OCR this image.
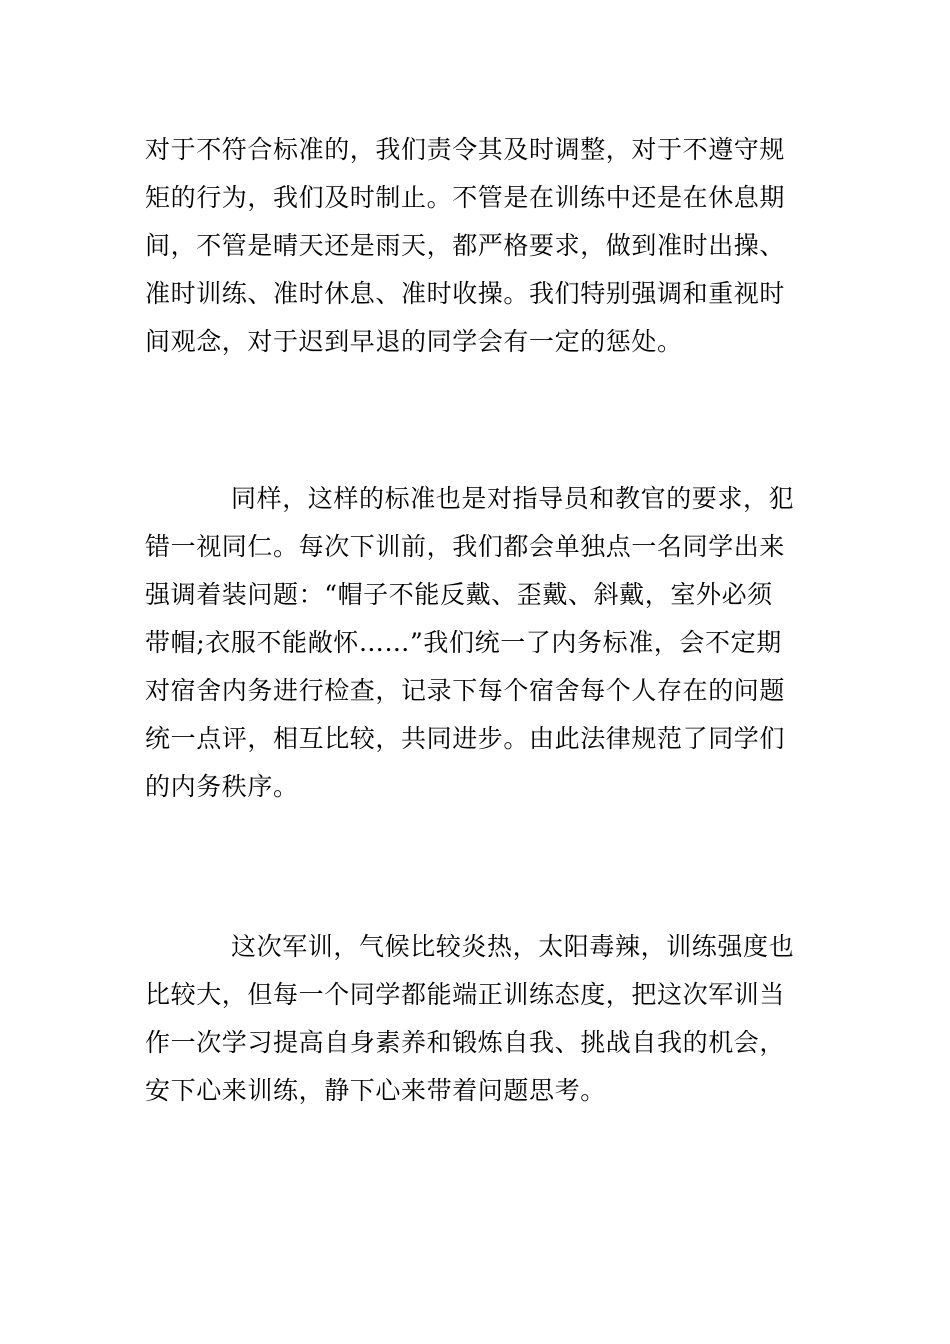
对于不符合标准的，我们责令其及时调整，对于不遵守规
矩的行为，我们及时制止。不管是在训练中还是在休息期
间，不管是晴天还是雨天，都严格要求，做到准时出操、
准时训练、准时休息、准时收操。我们特别强调和重视时
间观念，对于迟到早退的同学会有一定的惩处。
同样，这样的标准也是对指导员和教官的要求，犯
错一视同仁。每次下训前，我们都会单独点一名同学出来
强调着装问题：“帽子不能反戴、歪戴、斜戴，室外必须
带帽;衣服不能敞怀……”我们统一了内务标准，会不定期
对宿舍内务进行检查，记录下每个宿舍每个人存在的问题
统一点评，相互比较，共同进步。由此法律规范了同学们
的内务秩序。
这次军训，气候比较炎热，太阳毒辣，训练强度也
比较大，但每一个同学都能端正训练态度，把这次军训当
作一次学习提高自身素养和锻炼自我、挑战自我的机会，
安下心来训练，静下心来带着问题思考。
